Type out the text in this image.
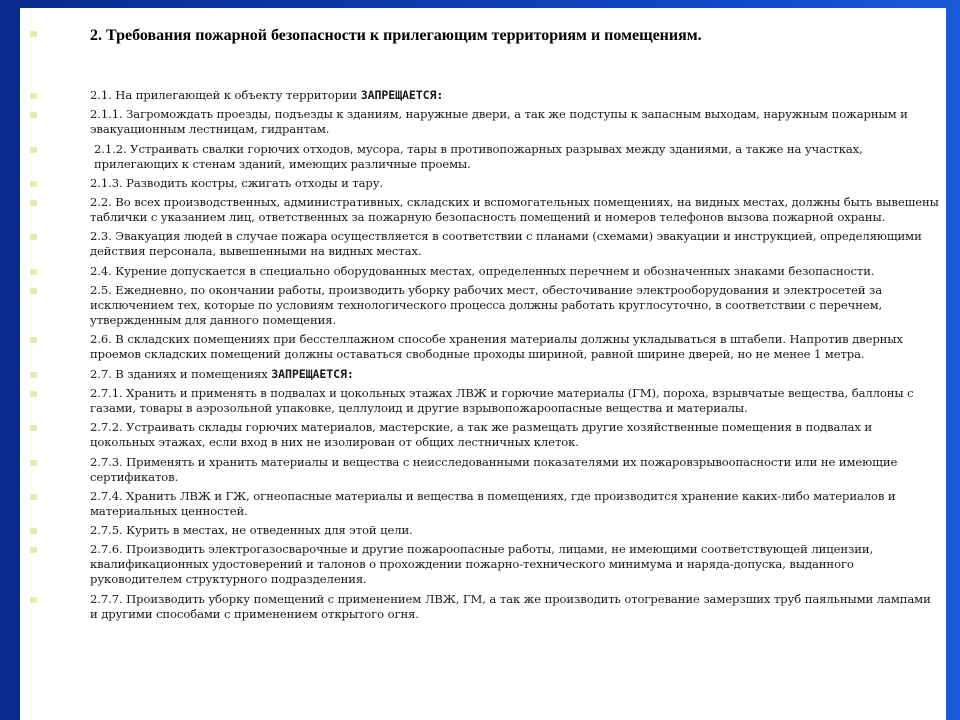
2. Требования пожарной безопасности к прилегающим территориям и помещениям.
2.1. На прилегающей к объекту территории ЗАПРЕЩАЕТСЯ:
2.1.1. Загромождать проезды, подъезды к зданиям, наружные двери, а так же подступы к запасным выходам, наружным пожарным и эвакуационным лестницам, гидрантам.
2.1.2. Устраивать свалки горючих отходов, мусора, тары в противопожарных разрывах между зданиями, а также на участках, прилегающих к стенам зданий, имеющих различные проемы.
2.1.3. Разводить костры, сжигать отходы и тару.
2.2. Во всех производственных, административных, складских и вспомогательных помещениях, на видных местах, должны быть вывешены таблички с указанием лиц, ответственных за пожарную безопасность помещений и номеров телефонов вызова пожарной охраны.
2.3. Эвакуация людей в случае пожара осуществляется в соответствии с планами (схемами) эвакуации и инструкцией, определяющими действия персонала, вывешенными на видных местах.
2.4. Курение допускается в специально оборудованных местах, определенных перечнем и обозначенных знаками безопасности.
2.5. Ежедневно, по окончании работы, производить уборку рабочих мест, обесточивание электрооборудования и электросетей за исключением тех, которые по условиям технологического процесса должны работать круглосуточно, в соответствии с перечнем, утвержденным для данного помещения.
2.6. В складских помещениях при бесстеллажном способе хранения материалы должны укладываться в штабели. Напротив дверных проемов складских помещений должны оставаться свободные проходы шириной, равной ширине дверей, но не менее 1 метра.
2.7. В зданиях и помещениях ЗАПРЕЩАЕТСЯ:
2.7.1. Хранить и применять в подвалах и цокольных этажах ЛВЖ и горючие материалы (ГМ), пороха, взрывчатые вещества, баллоны с газами, товары в аэрозольной упаковке, целлулоид и другие взрывопожароопасные вещества и материалы.
2.7.2. Устраивать склады горючих материалов, мастерские, а так же размещать другие хозяйственные помещения в подвалах и цокольных этажах, если вход в них не изолирован от общих лестничных клеток.
2.7.3. Применять и хранить материалы и вещества с неисследованными показателями их пожаровзрывоопасности или не имеющие сертификатов.
2.7.4. Хранить ЛВЖ и ГЖ, огнеопасные материалы и вещества в помещениях, где производится хранение каких-либо материалов и материальных ценностей.
2.7.5. Курить в местах, не отведенных для этой цели.
2.7.6. Производить электрогазосварочные и другие пожароопасные работы, лицами, не имеющими соответствующей лицензии, квалификационных удостоверений и талонов о прохождении пожарно-технического минимума и наряда-допуска, выданного руководителем структурного подразделения.
2.7.7. Производить уборку помещений с применением ЛВЖ, ГМ, а так же производить отогревание замерзших труб паяльными лампами и другими способами с применением открытого огня.
